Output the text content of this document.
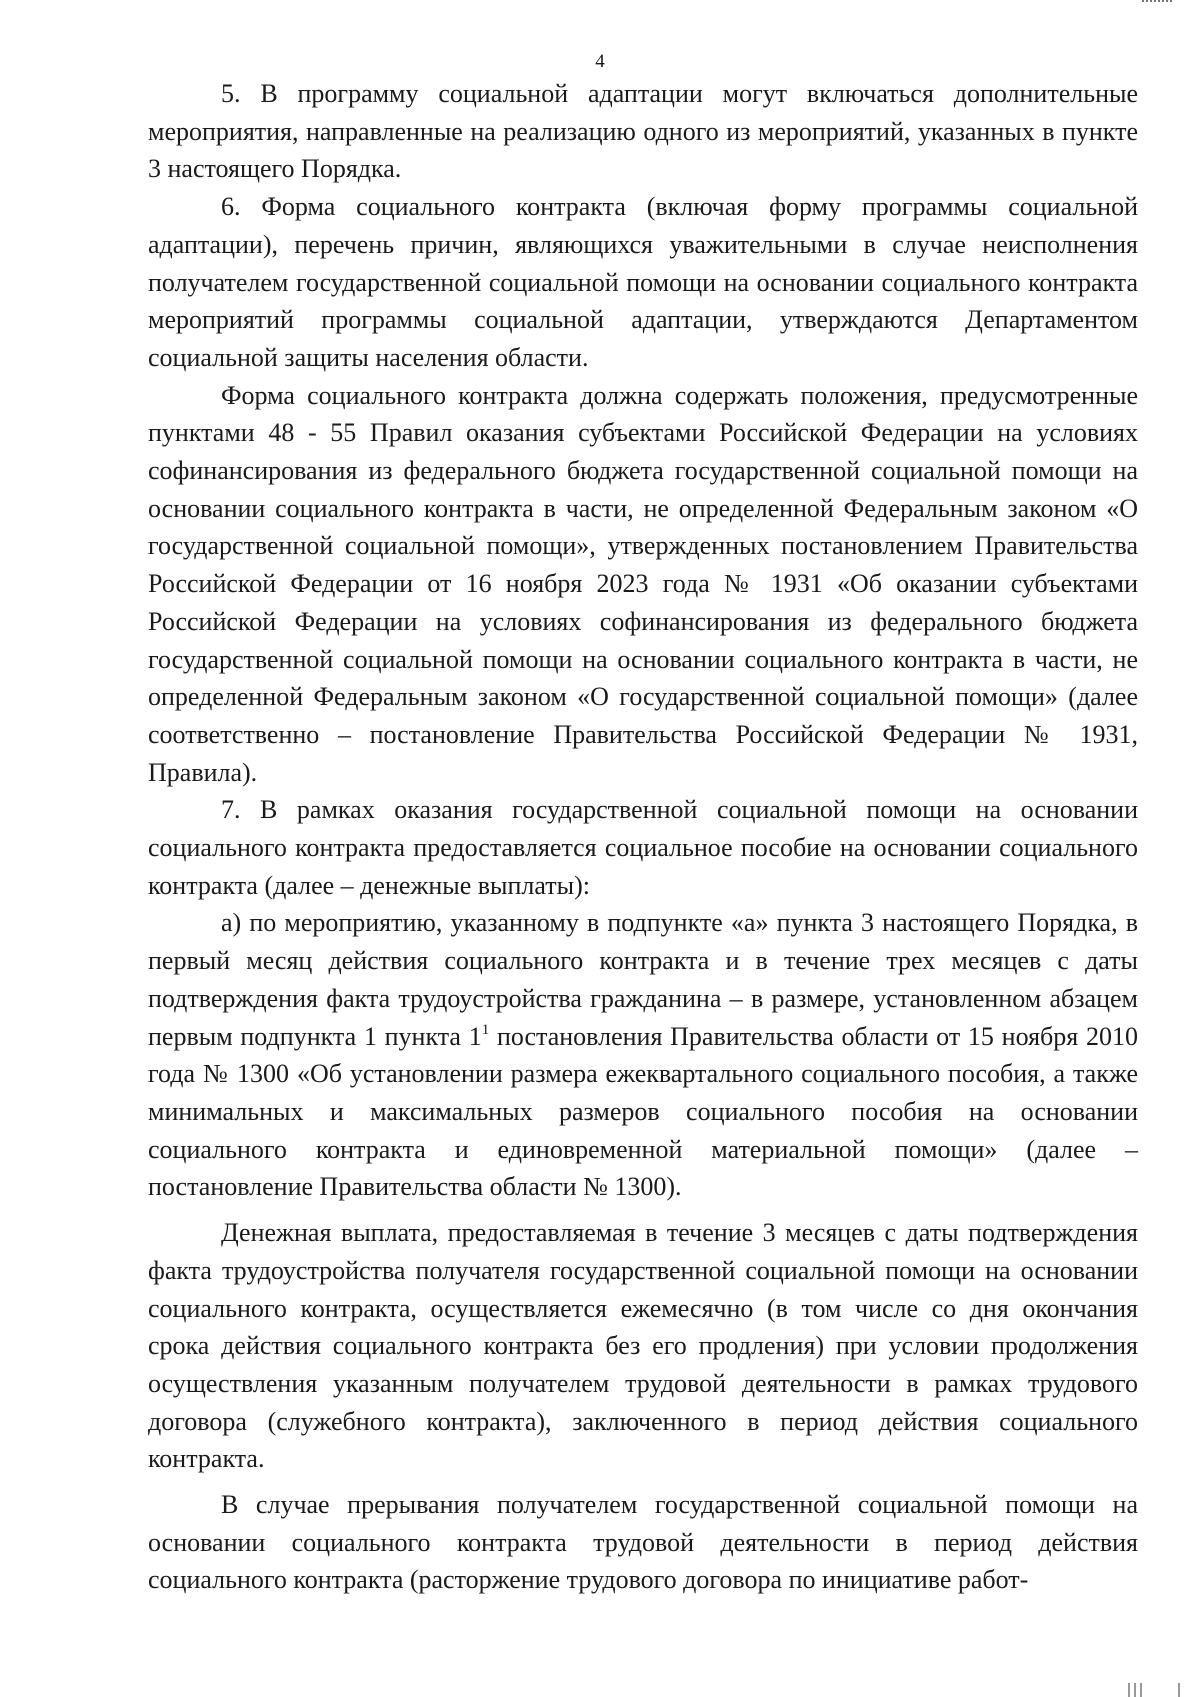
4

5. В программу социальной адаптации могут включаться дополнительные мероприятия, направленные на реализацию одного из мероприятий, указанных в пункте 3 настоящего Порядка.

6. Форма социального контракта (включая форму программы социальной адаптации), перечень причин, являющихся уважительными в случае неисполнения получателем государственной социальной помощи на основании социального контракта мероприятий программы социальной адаптации, утверждаются Департаментом социальной защиты населения области.

Форма социального контракта должна содержать положения, предусмотренные пунктами 48 - 55 Правил оказания субъектами Российской Федерации на условиях софинансирования из федерального бюджета государственной социальной помощи на основании социального контракта в части, не определенной Федеральным законом «О государственной социальной помощи», утвержденных постановлением Правительства Российской Федерации от 16 ноября 2023 года № 1931 «Об оказании субъектами Российской Федерации на условиях софинансирования из федерального бюджета государственной социальной помощи на основании социального контракта в части, не определенной Федеральным законом «О государственной социальной помощи» (далее соответственно – постановление Правительства Российской Федерации № 1931, Правила).

7. В рамках оказания государственной социальной помощи на основании социального контракта предоставляется социальное пособие на основании социального контракта (далее – денежные выплаты):

а) по мероприятию, указанному в подпункте «а» пункта 3 настоящего Порядка, в первый месяц действия социального контракта и в течение трех месяцев с даты подтверждения факта трудоустройства гражданина – в размере, установленном абзацем первым подпункта 1 пункта $1^1$ постановления Правительства области от 15 ноября 2010 года № 1300 «Об установлении размера ежеквартального социального пособия, а также минимальных и максимальных размеров социального пособия на основании социального контракта и единовременной материальной помощи» (далее – постановление Правительства области № 1300).

Денежная выплата, предоставляемая в течение 3 месяцев с даты подтверждения факта трудоустройства получателя государственной социальной помощи на основании социального контракта, осуществляется ежемесячно (в том числе со дня окончания срока действия социального контракта без его продления) при условии продолжения осуществления указанным получателем трудовой деятельности в рамках трудового договора (служебного контракта), заключенного в период действия социального контракта.

В случае прерывания получателем государственной социальной помощи на основании социального контракта трудовой деятельности в период действия социального контракта (расторжение трудового договора по инициативе работ-
